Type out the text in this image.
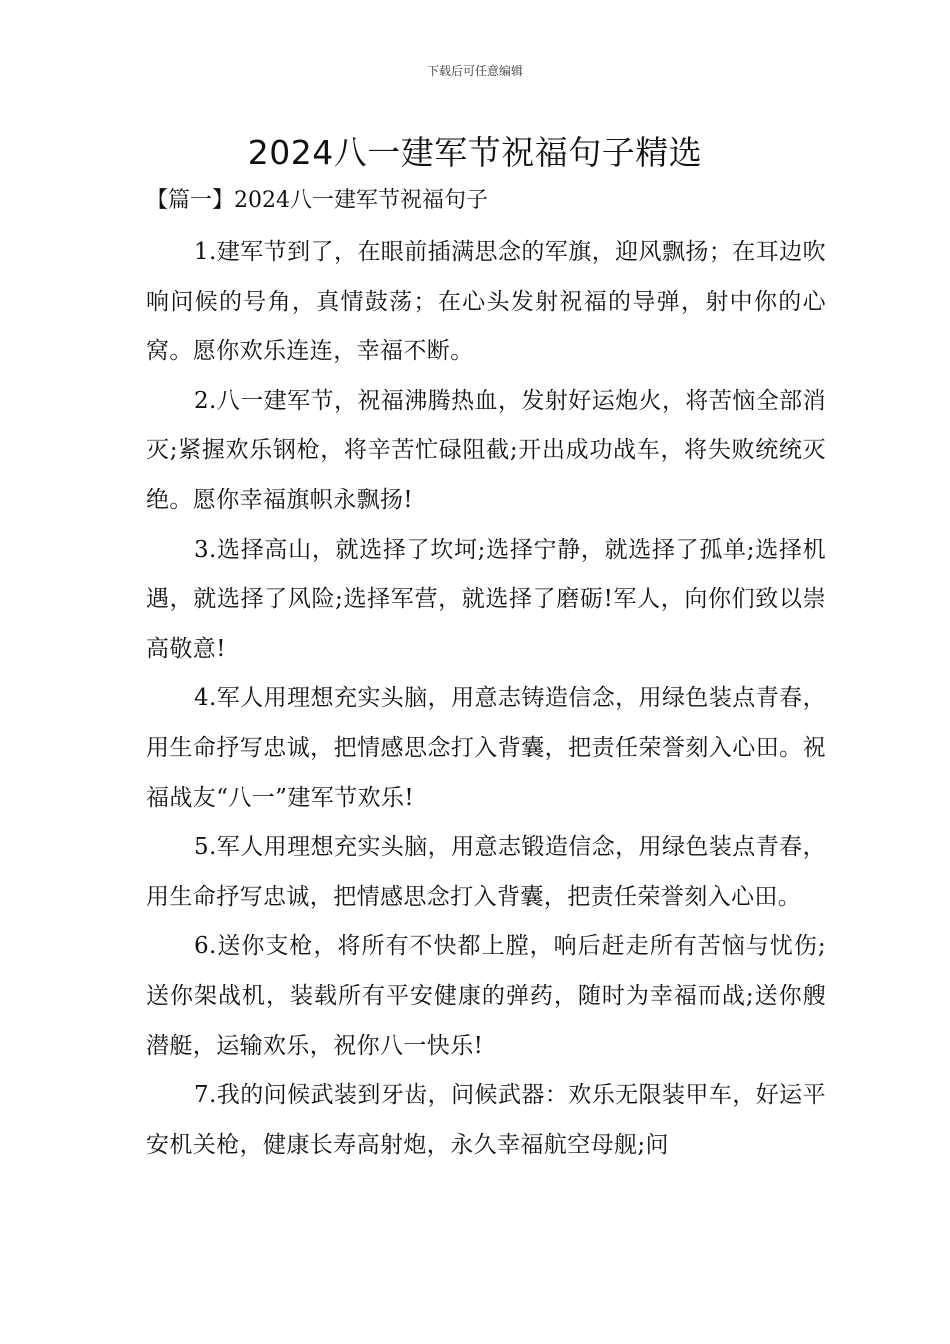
下载后可任意编辑
2024八一建军节祝福句子精选
【篇一】2024八一建军节祝福句子

1.建军节到了，在眼前插满思念的军旗，迎风飘扬；在耳边吹响问候的号角，真情鼓荡；在心头发射祝福的导弹，射中你的心窝。愿你欢乐连连，幸福不断。

2.八一建军节，祝福沸腾热血，发射好运炮火，将苦恼全部消灭;紧握欢乐钢枪，将辛苦忙碌阻截;开出成功战车，将失败统统灭绝。愿你幸福旗帜永飘扬!

3.选择高山，就选择了坎坷;选择宁静，就选择了孤单;选择机遇，就选择了风险;选择军营，就选择了磨砺!军人，向你们致以崇高敬意!

4.军人用理想充实头脑，用意志铸造信念，用绿色装点青春，用生命抒写忠诚，把情感思念打入背囊，把责任荣誉刻入心田。祝福战友“八一”建军节欢乐!

5.军人用理想充实头脑，用意志锻造信念，用绿色装点青春，用生命抒写忠诚，把情感思念打入背囊，把责任荣誉刻入心田。

6.送你支枪，将所有不快都上膛，响后赶走所有苦恼与忧伤;送你架战机，装载所有平安健康的弹药，随时为幸福而战;送你艘潜艇，运输欢乐，祝你八一快乐!

7.我的问候武装到牙齿，问候武器：欢乐无限装甲车，好运平安机关枪，健康长寿高射炮，永久幸福航空母舰;问
